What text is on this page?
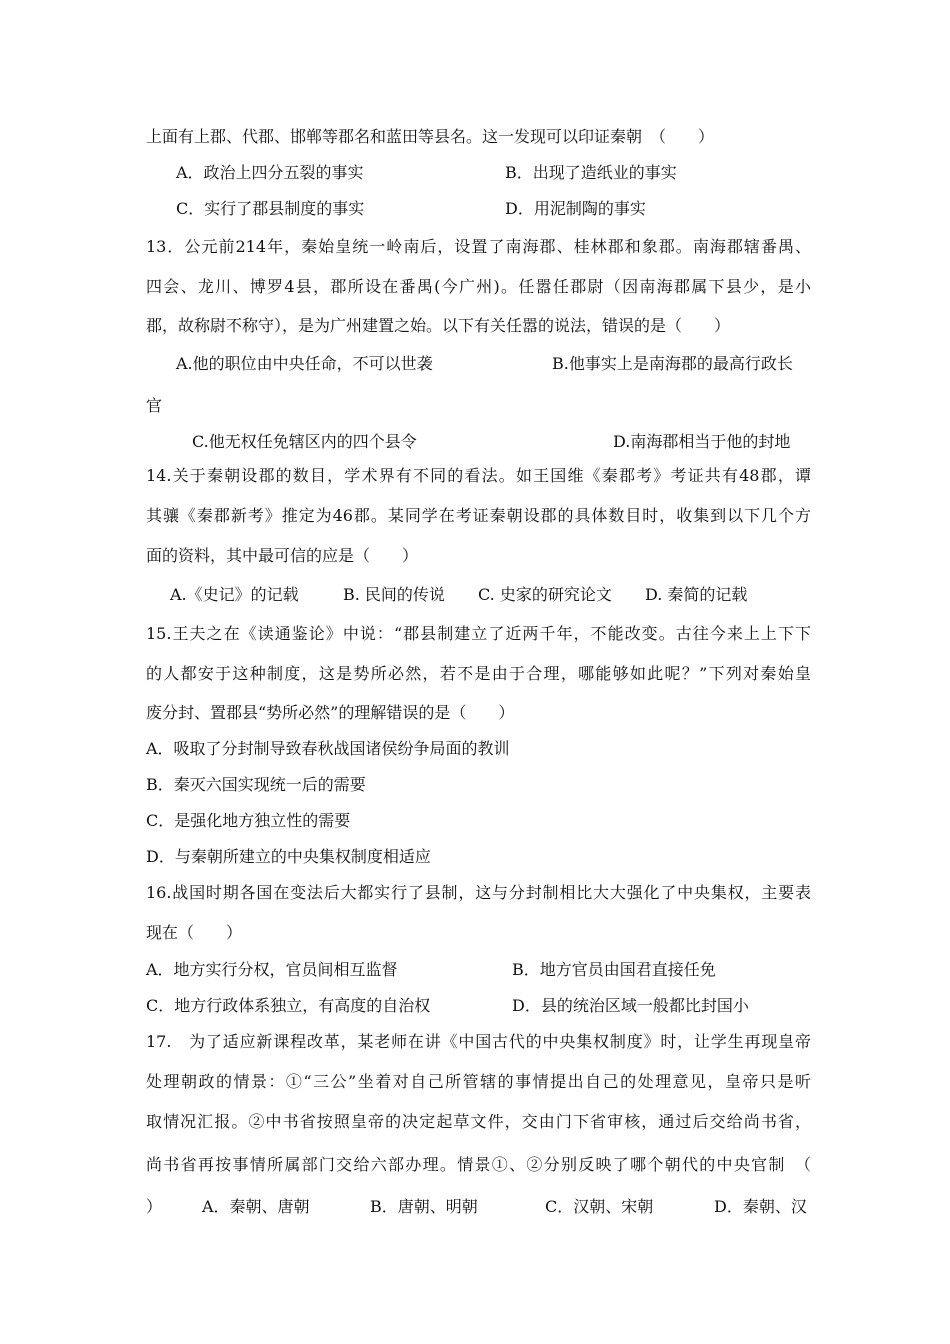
上面有上郡、代郡、邯郸等郡名和蓝田等县名。这一发现可以印证秦朝　（　　）
A．政治上四分五裂的事实	B．出现了造纸业的事实
C．实行了郡县制度的事实	D．用泥制陶的事实
13．公元前214年，秦始皇统一岭南后，设置了南海郡、桂林郡和象郡。南海郡辖番禺、
四会、龙川、博罗4县，郡所设在番禺(今广州)。任嚣任郡尉（因南海郡属下县少，是小
郡，故称尉不称守），是为广州建置之始。以下有关任嚣的说法，错误的是（　　）
A.他的职位由中央任命，不可以世袭	B.他事实上是南海郡的最高行政长
官
C.他无权任免辖区内的四个县令	D.南海郡相当于他的封地
14.关于秦朝设郡的数目，学术界有不同的看法。如王国维《秦郡考》考证共有48郡，谭
其骧《秦郡新考》推定为46郡。某同学在考证秦朝设郡的具体数目时，收集到以下几个方
面的资料，其中最可信的应是（　　）
A.《史记》的记载	B. 民间的传说 C. 史家的研究论文 D. 秦简的记载
15.王夫之在《读通鉴论》中说：“郡县制建立了近两千年，不能改变。古往今来上上下下
的人都安于这种制度，这是势所必然，若不是由于合理，哪能够如此呢？”下列对秦始皇
废分封、置郡县“势所必然”的理解错误的是（　　）
A．吸取了分封制导致春秋战国诸侯纷争局面的教训
B．秦灭六国实现统一后的需要
C．是强化地方独立性的需要
D．与秦朝所建立的中央集权制度相适应
16.战国时期各国在变法后大都实行了县制，这与分封制相比大大强化了中央集权，主要表
现在（　　）
A．地方实行分权，官员间相互监督	B．地方官员由国君直接任免
C．地方行政体系独立，有高度的自治权	D．县的统治区域一般都比封国小
17.　为了适应新课程改革，某老师在讲《中国古代的中央集权制度》时，让学生再现皇帝
处理朝政的情景：①“三公”坐着对自己所管辖的事情提出自己的处理意见，皇帝只是听
取情况汇报。②中书省按照皇帝的决定起草文件，交由门下省审核，通过后交给尚书省，
尚书省再按事情所属部门交给六部办理。情景①、②分别反映了哪个朝代的中央官制　（
） A．秦朝、唐朝	B．唐朝、明朝	C．汉朝、宋朝	D．秦朝、汉
